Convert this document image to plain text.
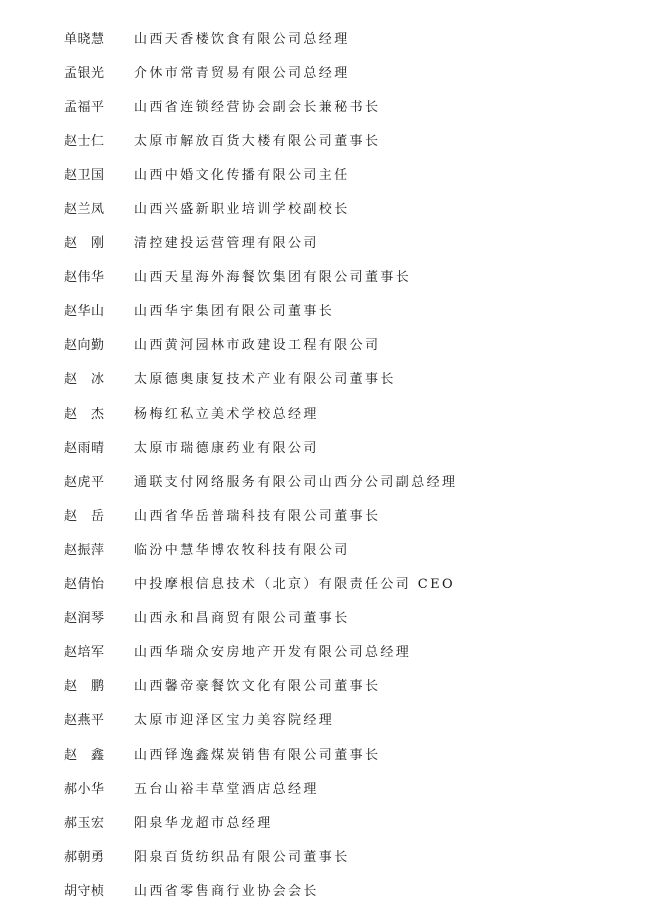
单晓慧	山西天香楼饮食有限公司总经理
孟银光	介休市常青贸易有限公司总经理
孟福平	山西省连锁经营协会副会长兼秘书长
赵士仁	太原市解放百货大楼有限公司董事长
赵卫国	山西中婚文化传播有限公司主任
赵兰凤	山西兴盛新职业培训学校副校长
赵　刚	清控建投运营管理有限公司
赵伟华	山西天星海外海餐饮集团有限公司董事长
赵华山	山西华宇集团有限公司董事长
赵向勤	山西黄河园林市政建设工程有限公司
赵　冰	太原德奥康复技术产业有限公司董事长
赵　杰	杨梅红私立美术学校总经理
赵雨晴	太原市瑞德康药业有限公司
赵虎平	通联支付网络服务有限公司山西分公司副总经理
赵　岳	山西省华岳普瑞科技有限公司董事长
赵振萍	临汾中慧华博农牧科技有限公司
赵倩怡	中投摩根信息技术（北京）有限责任公司 CEO
赵润琴	山西永和昌商贸有限公司董事长
赵培军	山西华瑞众安房地产开发有限公司总经理
赵　鹏	山西馨帝豪餐饮文化有限公司董事长
赵燕平	太原市迎泽区宝力美容院经理
赵　鑫	山西铎逸鑫煤炭销售有限公司董事长
郝小华	五台山裕丰草堂酒店总经理
郝玉宏	阳泉华龙超市总经理
郝朝勇	阳泉百货纺织品有限公司董事长
胡守桢	山西省零售商行业协会会长
